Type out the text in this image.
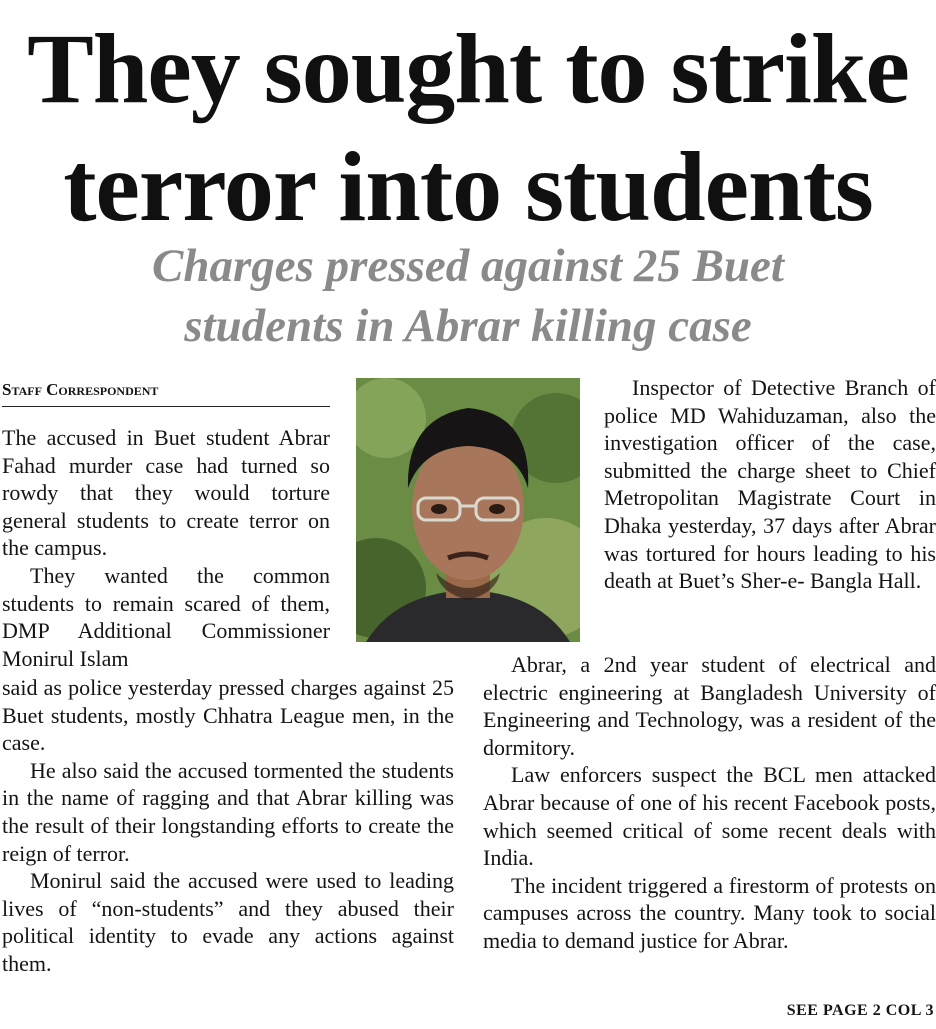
They sought to strike
terror into students
Charges pressed against 25 Buet
students in Abrar killing case
Staff Correspondent

The accused in Buet student Abrar Fahad murder case had turned so rowdy that they would torture general students to create terror on the campus.

They wanted the common students to remain scared of them, DMP Additional Commissioner Monirul Islam

said as police yesterday pressed charges against 25 Buet students, mostly Chhatra League men, in the case.

He also said the accused tormented the students in the name of ragging and that Abrar killing was the result of their longstanding efforts to create the reign of terror.

Monirul said the accused were used to leading lives of “non-students” and they abused their political identity to evade any actions against them.

Inspector of Detective Branch of police MD Wahiduzaman, also the investigation officer of the case, submitted the charge sheet to Chief Metropolitan Magistrate Court in Dhaka yesterday, 37 days after Abrar was tortured for hours leading to his death at Buet’s Sher-e- Bangla Hall.

Abrar, a 2nd year student of electrical and electric engineering at Bangladesh University of Engineering and Technology, was a resident of the dormitory.

Law enforcers suspect the BCL men attacked Abrar because of one of his recent Facebook posts, which seemed critical of some recent deals with India.

The incident triggered a firestorm of protests on campuses across the country. Many took to social media to demand justice for Abrar.

SEE PAGE 2 COL 3
